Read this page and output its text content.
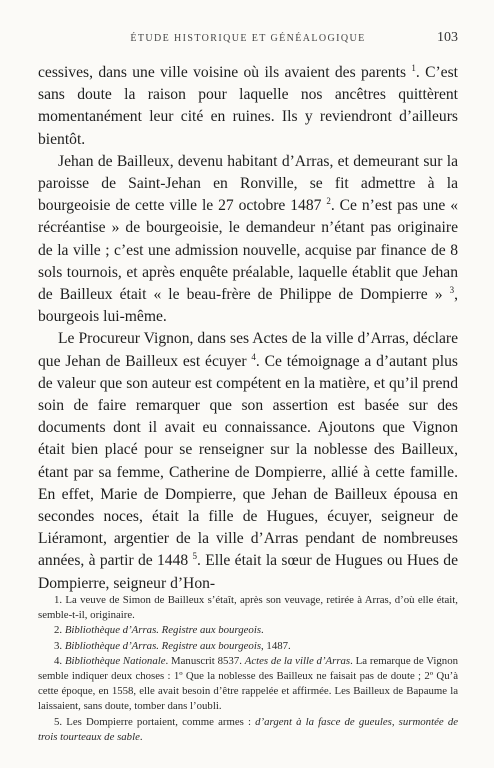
ÉTUDE HISTORIQUE ET GÉNÉALOGIQUE	103

cessives, dans une ville voisine où ils avaient des parents $^1$. C’est sans doute la raison pour laquelle nos ancêtres quittèrent momentanément leur cité en ruines. Ils y reviendront d’ailleurs bientôt.

Jehan de Bailleux, devenu habitant d’Arras, et demeurant sur la paroisse de Saint-Jehan en Ronville, se fit admettre à la bourgeoisie de cette ville le 27 octobre 1487 $^2$. Ce n’est pas une « récréantise » de bourgeoisie, le demandeur n’étant pas originaire de la ville ; c’est une admission nouvelle, acquise par finance de 8 sols tournois, et après enquête préalable, laquelle établit que Jehan de Bailleux était « le beau-frère de Philippe de Dompierre » $^3$, bourgeois lui-même.

Le Procureur Vignon, dans ses Actes de la ville d’Arras, déclare que Jehan de Bailleux est écuyer $^4$. Ce témoignage a d’autant plus de valeur que son auteur est compétent en la matière, et qu’il prend soin de faire remarquer que son assertion est basée sur des documents dont il avait eu connaissance. Ajoutons que Vignon était bien placé pour se renseigner sur la noblesse des Bailleux, étant par sa femme, Catherine de Dompierre, allié à cette famille. En effet, Marie de Dompierre, que Jehan de Bailleux épousa en secondes noces, était la fille de Hugues, écuyer, seigneur de Liéramont, argentier de la ville d’Arras pendant de nombreuses années, à partir de 1448 $^5$. Elle était la sœur de Hugues ou Hues de Dompierre, seigneur d’Hon-

1. La veuve de Simon de Bailleux s’étaît, après son veuvage, retirée à Arras, d’où elle était, semble-t-il, originaire.

2. Bibliothèque d’Arras. Registre aux bourgeois.

3. Bibliothèque d’Arras. Registre aux bourgeois, 1487.

4. Bibliothèque Nationale. Manuscrit 8537. Actes de la ville d’Arras. La remarque de Vignon semble indiquer deux choses : 1º Que la noblesse des Bailleux ne faisait pas de doute ; 2º Qu’à cette époque, en 1558, elle avait besoin d’être rappelée et affirmée. Les Bailleux de Bapaume la laissaient, sans doute, tomber dans l’oubli.

5. Les Dompierre portaient, comme armes : d’argent à la fasce de gueules, surmontée de trois tourteaux de sable.
